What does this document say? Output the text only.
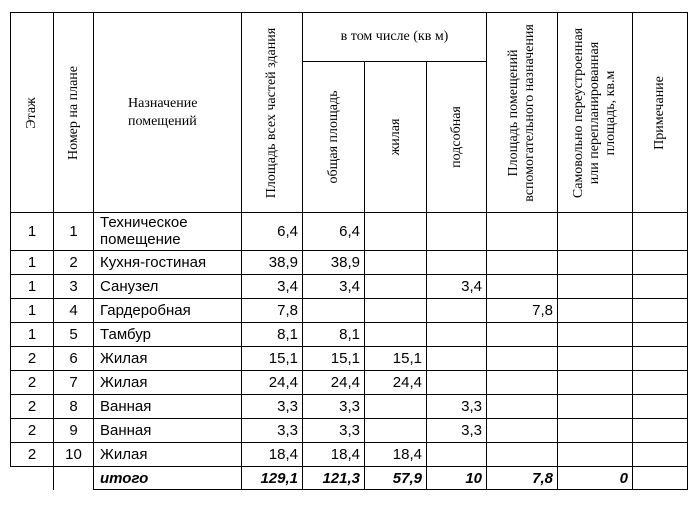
Этаж	Номер на плане	Назначение помещений	Площадь всех частей здания	в том числе (кв м)			Площадь помещений вспомогательного назначения	Самовольно переустроенная или перепланированная площадь, кв.м	Примечание

				общая площадь	жилая	подсобная			

1	1	Техническое помещение	6,4	6,4					
1	2	Кухня-гостиная	38,9	38,9					
1	3	Санузел	3,4	3,4		3,4			
1	4	Гардеробная	7,8				7,8		
1	5	Тамбур	8,1	8,1					
2	6	Жилая	15,1	15,1	15,1				
2	7	Жилая	24,4	24,4	24,4				
2	8	Ванная	3,3	3,3		3,3			
2	9	Ванная	3,3	3,3		3,3			
2	10	Жилая	18,4	18,4	18,4				
		итого	129,1	121,3	57,9	10	7,8	0	
